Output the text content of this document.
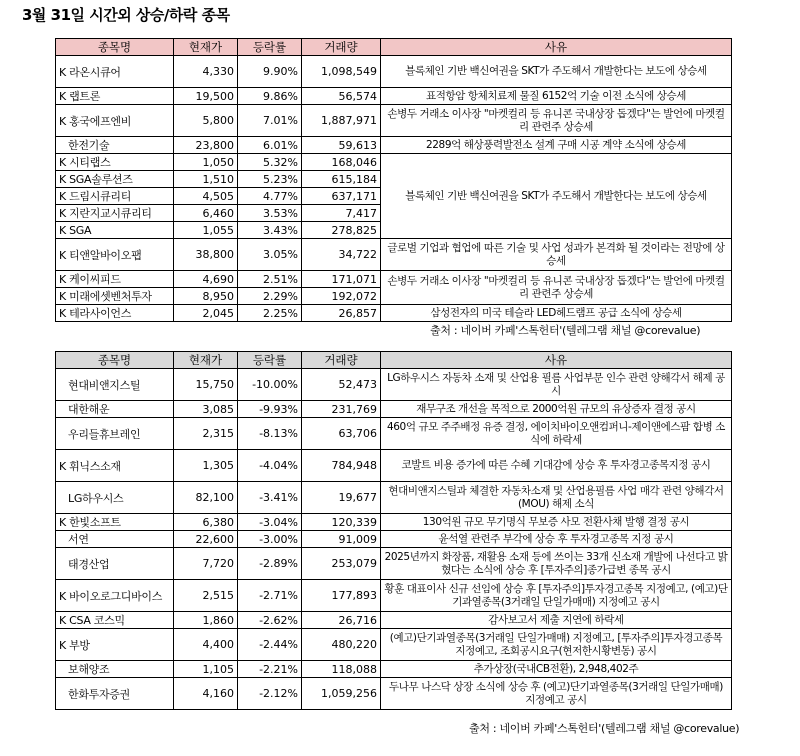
3월 31일 시간외 상승/하락 종목
종목명	현재가	등락률	거래량	사유
K 라온시큐어	4,330	9.90%	1,098,549	블록체인 기반 백신여권을 SKT가 주도해서 개발한다는 보도에 상승세
K 랩트론	19,500	9.86%	56,574	표적항암 항체치료제 물질 6152억 기술 이전 소식에 상승세
K 홍국에프엔비	5,800	7.01%	1,887,971	손병두 거래소 이사장 "마켓컬리 등 유니콘 국내상장 돕겠다"는 발언에 마켓컬리 관련주 상승세
한전기술	23,800	6.01%	59,613	2289억 해상풍력발전소 설계 구매 시공 계약 소식에 상승세
K 시티랩스	1,050	5.32%	168,046	블록체인 기반 백신여권을 SKT가 주도해서 개발한다는 보도에 상승세
K SGA솔루션즈	1,510	5.23%	615,184	
K 드림시큐리티	4,505	4.77%	637,171	
K 지란지교시큐리티	6,460	3.53%	7,417	
K SGA	1,055	3.43%	278,825	
K 티앤알바이오팹	38,800	3.05%	34,722	글로벌 기업과 협업에 따른 기술 및 사업 성과가 본격화 될 것이라는 전망에 상승세
K 케이씨피드	4,690	2.51%	171,071	손병두 거래소 이사장 "마켓컬리 등 유니콘 국내상장 돕겠다"는 발언에 마켓컬리 관련주 상승세
K 미래에셋벤처투자	8,950	2.29%	192,072	
K 테라사이언스	2,045	2.25%	26,857	삼성전자의 미국 테슬라 LED헤드램프 공급 소식에 상승세
출처 : 네이버 카페'스톡헌터'(텔레그램 채널 @corevalue)
종목명	현재가	등락률	거래량	사유
현대비앤지스틸	15,750	-10.00%	52,473	LG하우시스 자동차 소재 및 산업용 필름 사업부문 인수 관련 양해각서 해제 공시
대한해운	3,085	-9.93%	231,769	재무구조 개선을 목적으로 2000억원 규모의 유상증자 결정 공시
우리들휴브레인	2,315	-8.13%	63,706	460억 규모 주주배정 유증 결정, 에이치바이오앤컴퍼니-제이앤에스팜 합병 소식에 하락세
K 휘닉스소재	1,305	-4.04%	784,948	코발트 비용 증가에 따른 수혜 기대감에 상승 후 투자경고종목지정 공시
LG하우시스	82,100	-3.41%	19,677	현대비앤지스틸과 체결한 자동차소재 및 산업용필름 사업 매각 관련 양해각서(MOU) 해제 소식
K 한빛소프트	6,380	-3.04%	120,339	130억원 규모 무기명식 무보증 사모 전환사채 발행 결정 공시
서연	22,600	-3.00%	91,009	윤석열 관련주 부각에 상승 후 투자경고종목 지정 공시
태경산업	7,720	-2.89%	253,079	2025년까지 화장품, 재활용 소재 등에 쓰이는 33개 신소재 개발에 나선다고 밝혔다는 소식에 상승 후 [투자주의]종가급변 종목 공시
K 바이오로그디바이스	2,515	-2.71%	177,893	황훈 대표이사 신규 선임에 상승 후 [투자주의]투자경고종목 지정예고, (예고)단기과열종목(3거래일 단일가매매) 지정예고 공시
K CSA 코스믹	1,860	-2.62%	26,716	감사보고서 제출 지연에 하락세
K 부방	4,400	-2.44%	480,220	(예고)단기과열종목(3거래일 단일가매매) 지정예고, [투자주의]투자경고종목 지정예고, 조회공시요구(현저한시황변동) 공시
보해양조	1,105	-2.21%	118,088	추가상장(국내CB전환), 2,948,402주
한화투자증권	4,160	-2.12%	1,059,256	두나무 나스닥 상장 소식에 상승 후 (예고)단기과열종목(3거래일 단일가매매) 지정예고 공시
출처 : 네이버 카페'스톡헌터'(텔레그램 채널 @corevalue)
